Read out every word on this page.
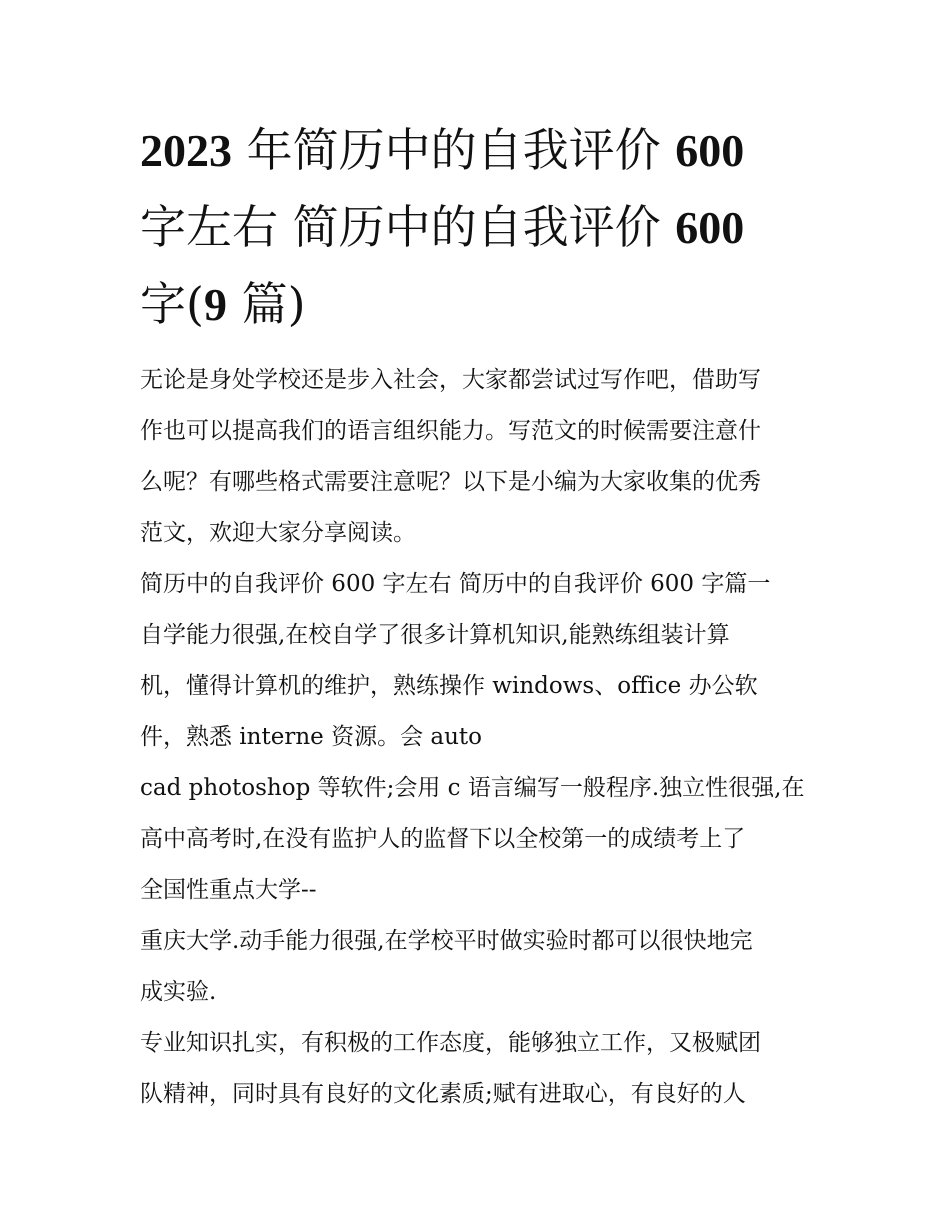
2023 年简历中的自我评价 600
字左右 简历中的自我评价 600
字(9 篇)
无论是身处学校还是步入社会，大家都尝试过写作吧，借助写
作也可以提高我们的语言组织能力。写范文的时候需要注意什
么呢？有哪些格式需要注意呢？以下是小编为大家收集的优秀
范文，欢迎大家分享阅读。
简历中的自我评价 600 字左右 简历中的自我评价 600 字篇一
自学能力很强,在校自学了很多计算机知识,能熟练组装计算
机，懂得计算机的维护，熟练操作 windows、office 办公软
件，熟悉 interne 资源。会 auto
cad photoshop 等软件;会用 c 语言编写一般程序.独立性很强,在
高中高考时,在没有监护人的监督下以全校第一的成绩考上了
全国性重点大学--
重庆大学.动手能力很强,在学校平时做实验时都可以很快地完
成实验.
专业知识扎实，有积极的工作态度，能够独立工作，又极赋团
队精神，同时具有良好的文化素质;赋有进取心，有良好的人
